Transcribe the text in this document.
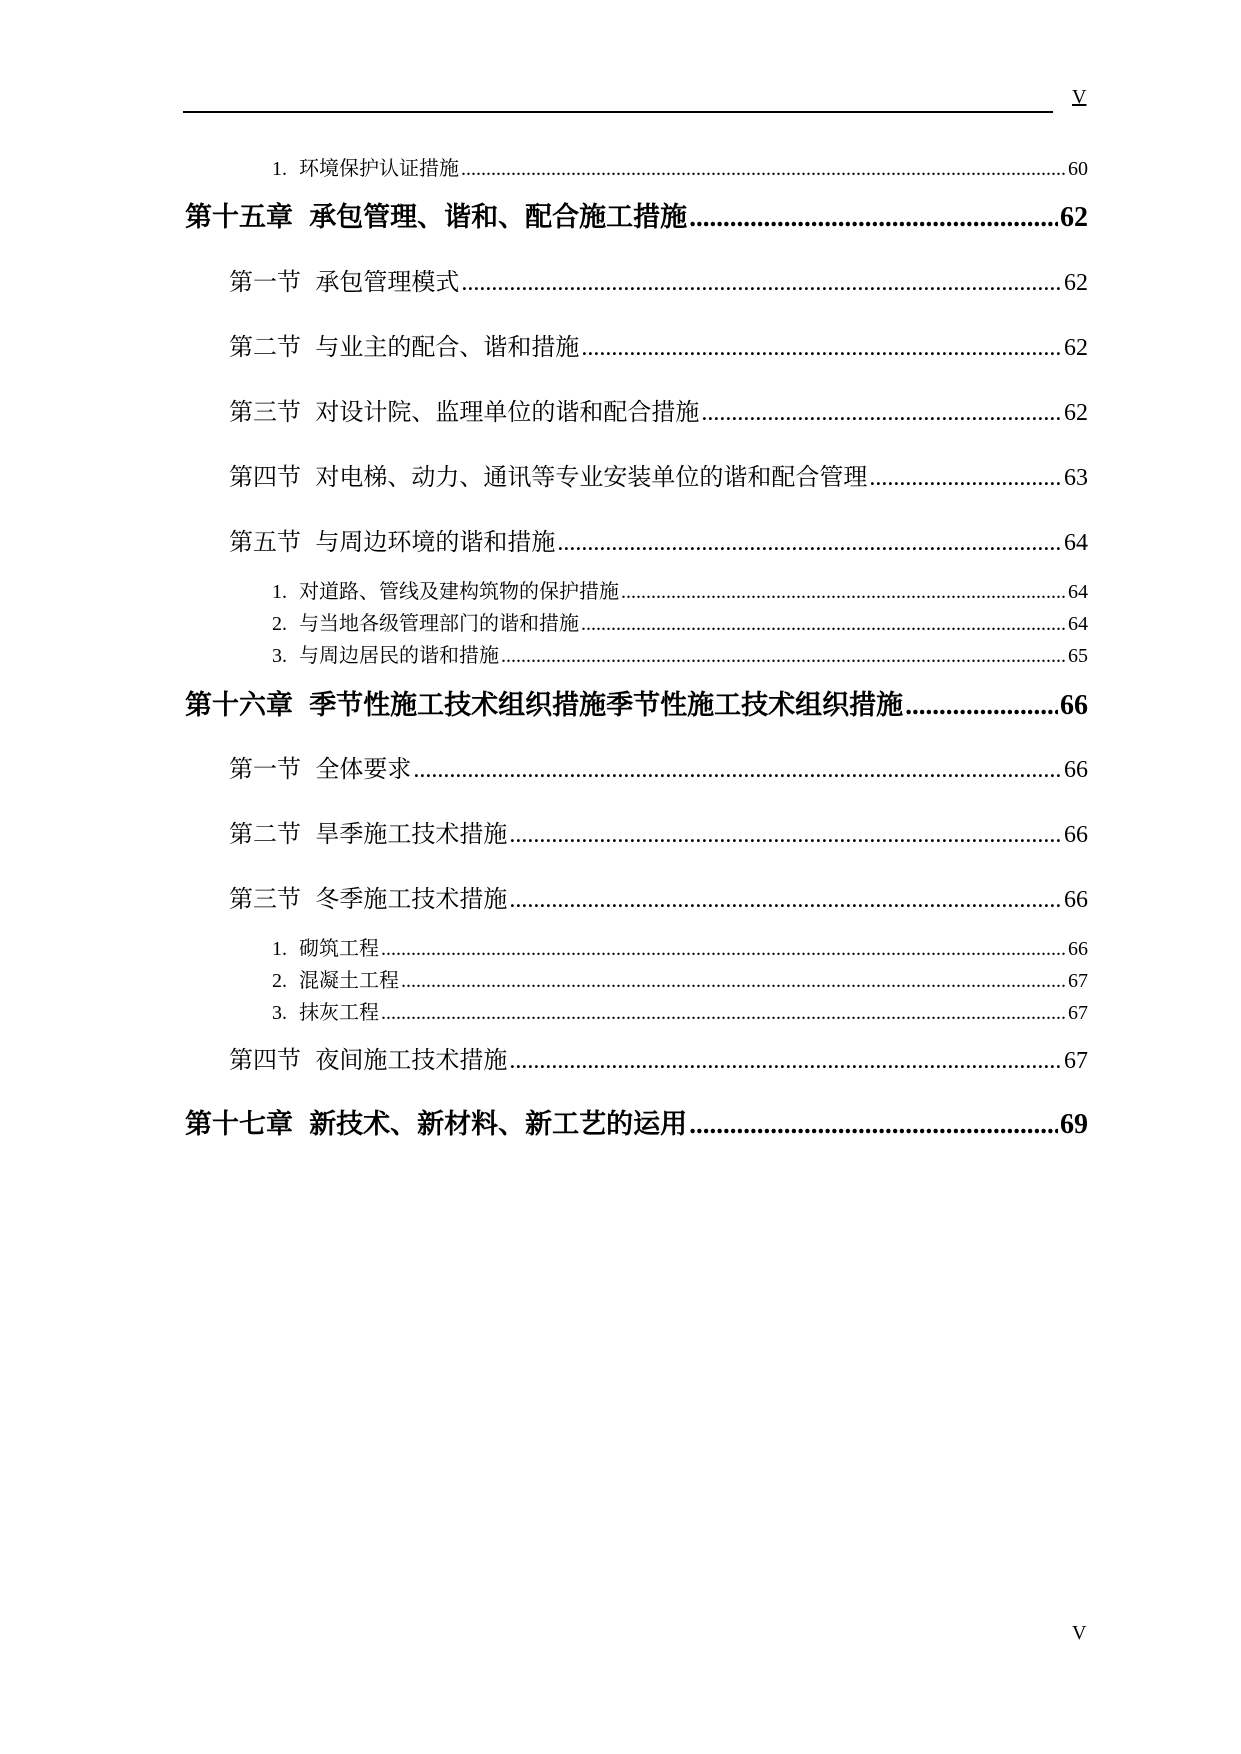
V
1. 环境保护认证措施 .....	60
第十五章 承包管理、谐和、配合施工措施 .....	62
第一节 承包管理模式 .....	62
第二节 与业主的配合、谐和措施 .....	62
第三节 对设计院、监理单位的谐和配合措施 .....	62
第四节 对电梯、动力、通讯等专业安装单位的谐和配合管理 .....	63
第五节 与周边环境的谐和措施 .....	64
1. 对道路、管线及建构筑物的保护措施 .....	64
2. 与当地各级管理部门的谐和措施 .....	64
3. 与周边居民的谐和措施 .....	65
第十六章 季节性施工技术组织措施季节性施工技术组织措施 .....	66
第一节 全体要求 .....	66
第二节 旱季施工技术措施 .....	66
第三节 冬季施工技术措施 .....	66
1. 砌筑工程 .....	66
2. 混凝土工程 .....	67
3. 抹灰工程 .....	67
第四节 夜间施工技术措施 .....	67
第十七章 新技术、新材料、新工艺的运用 .....	69
V
